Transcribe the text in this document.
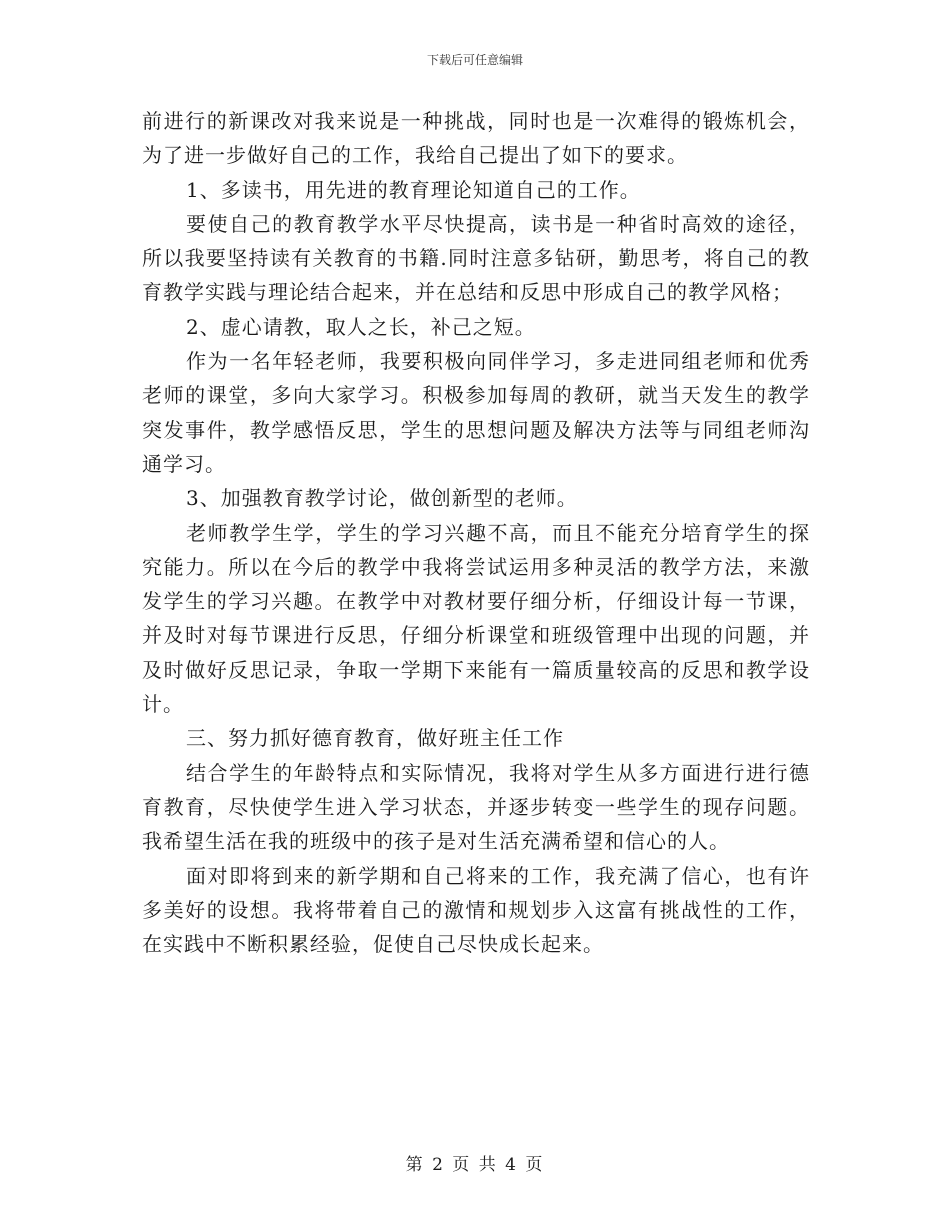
下载后可任意编辑

前进行的新课改对我来说是一种挑战，同时也是一次难得的锻炼机会，为了进一步做好自己的工作，我给自己提出了如下的要求。

1、多读书，用先进的教育理论知道自己的工作。

要使自己的教育教学水平尽快提高，读书是一种省时高效的途径，所以我要坚持读有关教育的书籍.同时注意多钻研，勤思考，将自己的教育教学实践与理论结合起来，并在总结和反思中形成自己的教学风格；

2、虚心请教，取人之长，补己之短。

作为一名年轻老师，我要积极向同伴学习，多走进同组老师和优秀老师的课堂，多向大家学习。积极参加每周的教研，就当天发生的教学突发事件，教学感悟反思，学生的思想问题及解决方法等与同组老师沟通学习。

3、加强教育教学讨论，做创新型的老师。

老师教学生学，学生的学习兴趣不高，而且不能充分培育学生的探究能力。所以在今后的教学中我将尝试运用多种灵活的教学方法，来激发学生的学习兴趣。在教学中对教材要仔细分析，仔细设计每一节课，并及时对每节课进行反思，仔细分析课堂和班级管理中出现的问题，并及时做好反思记录，争取一学期下来能有一篇质量较高的反思和教学设计。

三、努力抓好德育教育，做好班主任工作

结合学生的年龄特点和实际情况，我将对学生从多方面进行进行德育教育，尽快使学生进入学习状态，并逐步转变一些学生的现存问题。我希望生活在我的班级中的孩子是对生活充满希望和信心的人。

面对即将到来的新学期和自己将来的工作，我充满了信心，也有许多美好的设想。我将带着自己的激情和规划步入这富有挑战性的工作，在实践中不断积累经验，促使自己尽快成长起来。

第 2 页 共 4 页
